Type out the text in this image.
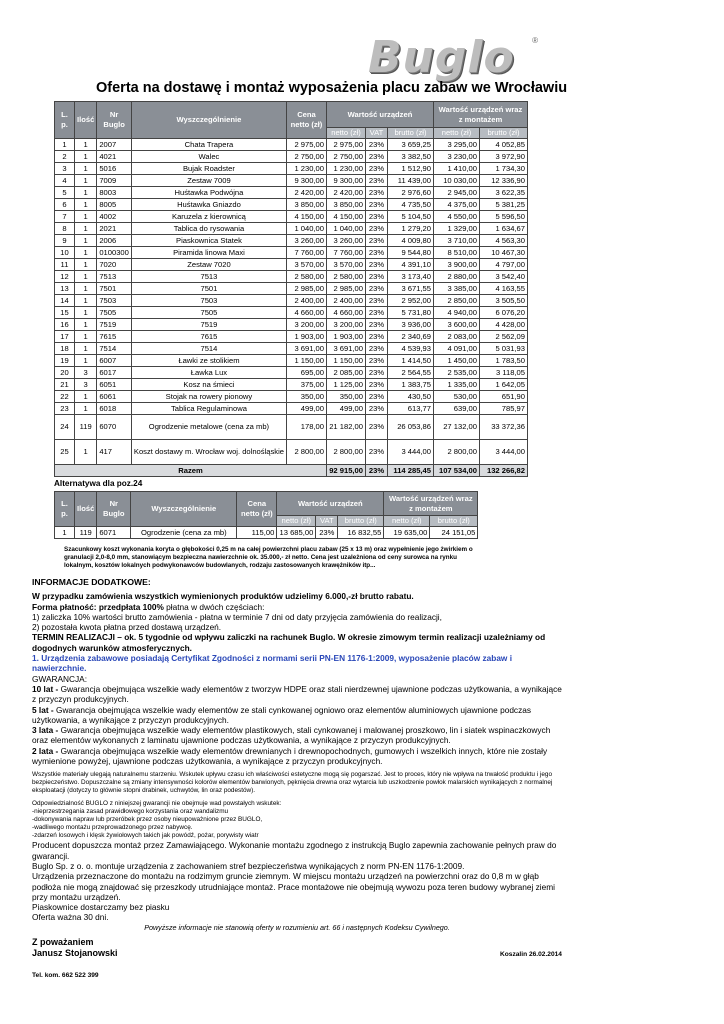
Buglo ®
Oferta na dostawę i montaż wyposażenia placu zabaw we Wrocławiu
L. p.	Ilość	Nr Buglo	Wyszczególnienie	Cena netto (zł)	Wartość urządzeń			Wartość urządzeń wraz z montażem	
					netto (zł)	VAT	brutto (zł)	netto (zł)	brutto (zł)
1	1	2007	Chata Trapera	2 975,00	2 975,00	23%	3 659,25	3 295,00	4 052,85
2	1	4021	Walec	2 750,00	2 750,00	23%	3 382,50	3 230,00	3 972,90
3	1	5016	Bujak Roadster	1 230,00	1 230,00	23%	1 512,90	1 410,00	1 734,30
4	1	7009	Zestaw 7009	9 300,00	9 300,00	23%	11 439,00	10 030,00	12 336,90
5	1	8003	Huśtawka Podwójna	2 420,00	2 420,00	23%	2 976,60	2 945,00	3 622,35
6	1	8005	Huśtawka Gniazdo	3 850,00	3 850,00	23%	4 735,50	4 375,00	5 381,25
7	1	4002	Karuzela z kierownicą	4 150,00	4 150,00	23%	5 104,50	4 550,00	5 596,50
8	1	2021	Tablica do rysowania	1 040,00	1 040,00	23%	1 279,20	1 329,00	1 634,67
9	1	2006	Piaskownica Statek	3 260,00	3 260,00	23%	4 009,80	3 710,00	4 563,30
10	1	0100300	Piramida linowa Maxi	7 760,00	7 760,00	23%	9 544,80	8 510,00	10 467,30
11	1	7020	Zestaw 7020	3 570,00	3 570,00	23%	4 391,10	3 900,00	4 797,00
12	1	7513	7513	2 580,00	2 580,00	23%	3 173,40	2 880,00	3 542,40
13	1	7501	7501	2 985,00	2 985,00	23%	3 671,55	3 385,00	4 163,55
14	1	7503	7503	2 400,00	2 400,00	23%	2 952,00	2 850,00	3 505,50
15	1	7505	7505	4 660,00	4 660,00	23%	5 731,80	4 940,00	6 076,20
16	1	7519	7519	3 200,00	3 200,00	23%	3 936,00	3 600,00	4 428,00
17	1	7615	7615	1 903,00	1 903,00	23%	2 340,69	2 083,00	2 562,09
18	1	7514	7514	3 691,00	3 691,00	23%	4 539,93	4 091,00	5 031,93
19	1	6007	Ławki ze stolikiem	1 150,00	1 150,00	23%	1 414,50	1 450,00	1 783,50
20	3	6017	Ławka Lux	695,00	2 085,00	23%	2 564,55	2 535,00	3 118,05
21	3	6051	Kosz na śmieci	375,00	1 125,00	23%	1 383,75	1 335,00	1 642,05
22	1	6061	Stojak na rowery pionowy	350,00	350,00	23%	430,50	530,00	651,90
23	1	6018	Tablica Regulaminowa	499,00	499,00	23%	613,77	639,00	785,97
24	119	6070	Ogrodzenie metalowe (cena za mb)	178,00	21 182,00	23%	26 053,86	27 132,00	33 372,36
25	1	417	Koszt dostawy m. Wrocław woj. dolnośląskie	2 800,00	2 800,00	23%	3 444,00	2 800,00	3 444,00
Razem					92 915,00	23%	114 285,45	107 534,00	132 266,82
Alternatywa dla poz.24
L. p.	Ilość	Nr Buglo	Wyszczególnienie	Cena netto (zł)	Wartość urządzeń			Wartość urządzeń wraz z montażem	
					netto (zł)	VAT	brutto (zł)	netto (zł)	brutto (zł)
1	119	6071	Ogrodzenie (cena za mb)	115,00	13 685,00	23%	16 832,55	19 635,00	24 151,05
Szacunkowy koszt wykonania koryta o głębokości 0,25 m na całej powierzchni placu zabaw (25 x 13 m) oraz wypełnienie jego żwirkiem o granulacji 2,0-8,0 mm, stanowiącym bezpieczna nawierzchnie ok. 35.000,- zł netto. Cena jest uzależniona od ceny surowca na rynku lokalnym, kosztów lokalnych podwykonawców budowlanych, rodzaju zastosowanych krawężników itp...

INFORMACJE DODATKOWE:

W przypadku zamówienia wszystkich wymienionych produktów udzielimy 6.000,-zł brutto rabatu.

Forma płatność: przedpłata 100% płatna w dwóch częściach:

1) zaliczka 10% wartości brutto zamówienia - płatna w terminie 7 dni od daty przyjęcia zamówienia do realizacji,

2) pozostała kwota płatna przed dostawą urządzeń.

TERMIN REALIZACJI – ok. 5 tygodnie od wpływu zaliczki na rachunek Buglo. W okresie zimowym termin realizacji uzależniamy od dogodnych warunków atmosferycznych.

1. Urządzenia zabawowe posiadają Certyfikat Zgodności z normami serii PN-EN 1176-1:2009, wyposażenie placów zabaw i nawierzchnie.

GWARANCJA:

10 lat - Gwarancja obejmująca wszelkie wady elementów z tworzyw HDPE oraz stali nierdzewnej ujawnione podczas użytkowania, a wynikające z przyczyn produkcyjnych.

5 lat - Gwarancja obejmująca wszelkie wady elementów ze stali cynkowanej ogniowo oraz elementów aluminiowych ujawnione podczas użytkowania, a wynikające z przyczyn produkcyjnych.

3 lata - Gwarancja obejmująca wszelkie wady elementów plastikowych, stali cynkowanej i malowanej proszkowo, lin i siatek wspinaczkowych oraz elementów wykonanych z laminatu ujawnione podczas użytkowania, a wynikające z przyczyn produkcyjnych.

2 lata - Gwarancja obejmująca wszelkie wady elementów drewnianych i drewnopochodnych, gumowych i wszelkich innych, które nie zostały wymienione powyżej, ujawnione podczas użytkowania, a wynikające z przyczyn produkcyjnych.

Wszystkie materiały ulegają naturalnemu starzeniu. Wskutek upływu czasu ich właściwości estetyczne mogą się pogarszać. Jest to proces, który nie wpływa na trwałość produktu i jego bezpieczeństwo. Dopuszczalne są zmiany intensywności kolorów elementów barwionych, pęknięcia drewna oraz wytarcia lub uszkodzenie powłok malarskich wynikających z normalnej eksploatacji (dotyczy to głównie stopni drabinek, uchwytów, lin oraz podestów).

Odpowiedzialność BUGLO z niniejszej gwarancji nie obejmuje wad powstałych wskutek:

-nieprzestrzegania zasad prawidłowego korzystania oraz wandalizmu

-dokonywania napraw lub przeróbek przez osoby nieupoważnione przez BUGLO,

-wadliwego montażu przeprowadzonego przez nabywcę.

-zdarzeń losowych i klęsk żywiołowych takich jak powódź, pożar, porywisty wiatr

Producent dopuszcza montaż przez Zamawiającego. Wykonanie montażu zgodnego z instrukcją Buglo zapewnia zachowanie pełnych praw do gwarancji.

Buglo Sp. z o. o. montuje urządzenia z zachowaniem stref bezpieczeństwa wynikających z norm PN-EN 1176-1:2009.

Urządzenia przeznaczone do montażu na rodzimym gruncie ziemnym. W miejscu montażu urządzeń na powierzchni oraz do 0,8 m w głąb podłoża nie mogą znajdować się przeszkody utrudniające montaż. Prace montażowe nie obejmują wywozu poza teren budowy wybranej ziemi przy montażu urządzeń.

Piaskownice dostarczamy bez piasku

Oferta ważna 30 dni.

Powyższe informacje nie stanowią oferty w rozumieniu art. 66 i następnych Kodeksu Cywilnego.

Z poważaniem
Janusz Stojanowski	Koszalin 26.02.2014
Tel. kom. 662 522 399
